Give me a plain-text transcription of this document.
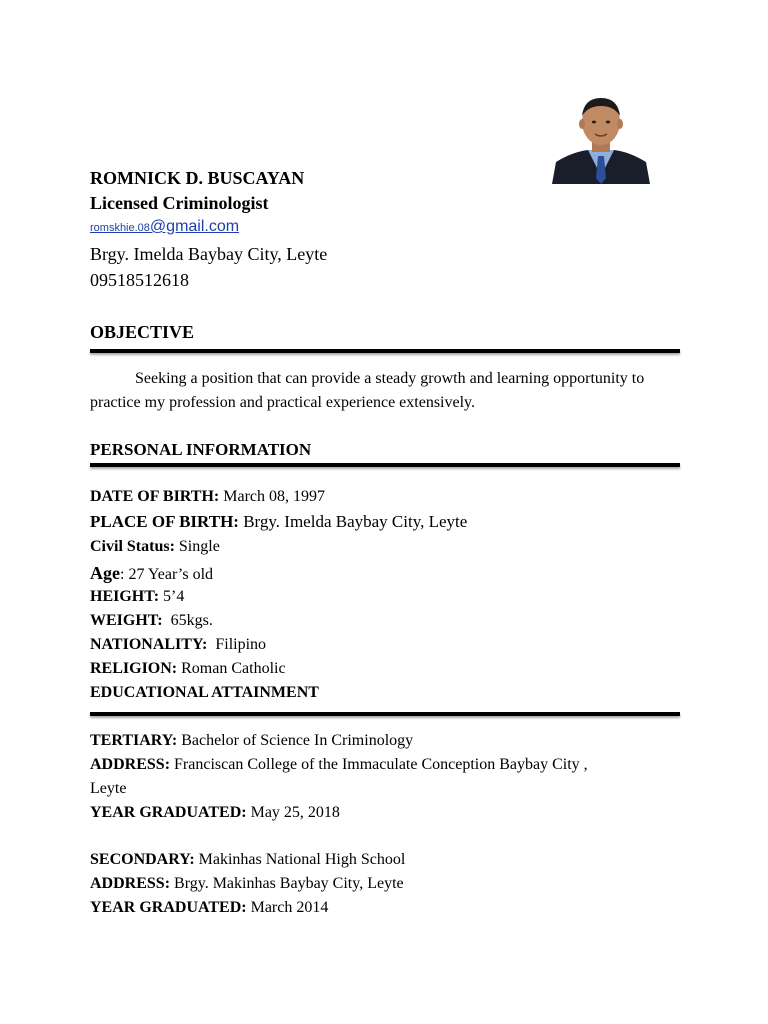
ROMNICK D. BUSCAYAN
Licensed Criminologist
romskhie.08@gmail.com
Brgy. Imelda Baybay City, Leyte
09518512618
OBJECTIVE
Seeking a position that can provide a steady growth and learning opportunity to practice my profession and practical experience extensively.
PERSONAL INFORMATION
DATE OF BIRTH: March 08, 1997
PLACE OF BIRTH: Brgy. Imelda Baybay City, Leyte
Civil Status: Single
Age: 27 Year’s old
HEIGHT: 5’4
WEIGHT:  65kgs.
NATIONALITY:  Filipino
RELIGION: Roman Catholic
EDUCATIONAL ATTAINMENT
TERTIARY: Bachelor of Science In Criminology
ADDRESS: Franciscan College of the Immaculate Conception Baybay City ,
Leyte
YEAR GRADUATED: May 25, 2018
SECONDARY: Makinhas National High School
ADDRESS: Brgy. Makinhas Baybay City, Leyte
YEAR GRADUATED: March 2014
